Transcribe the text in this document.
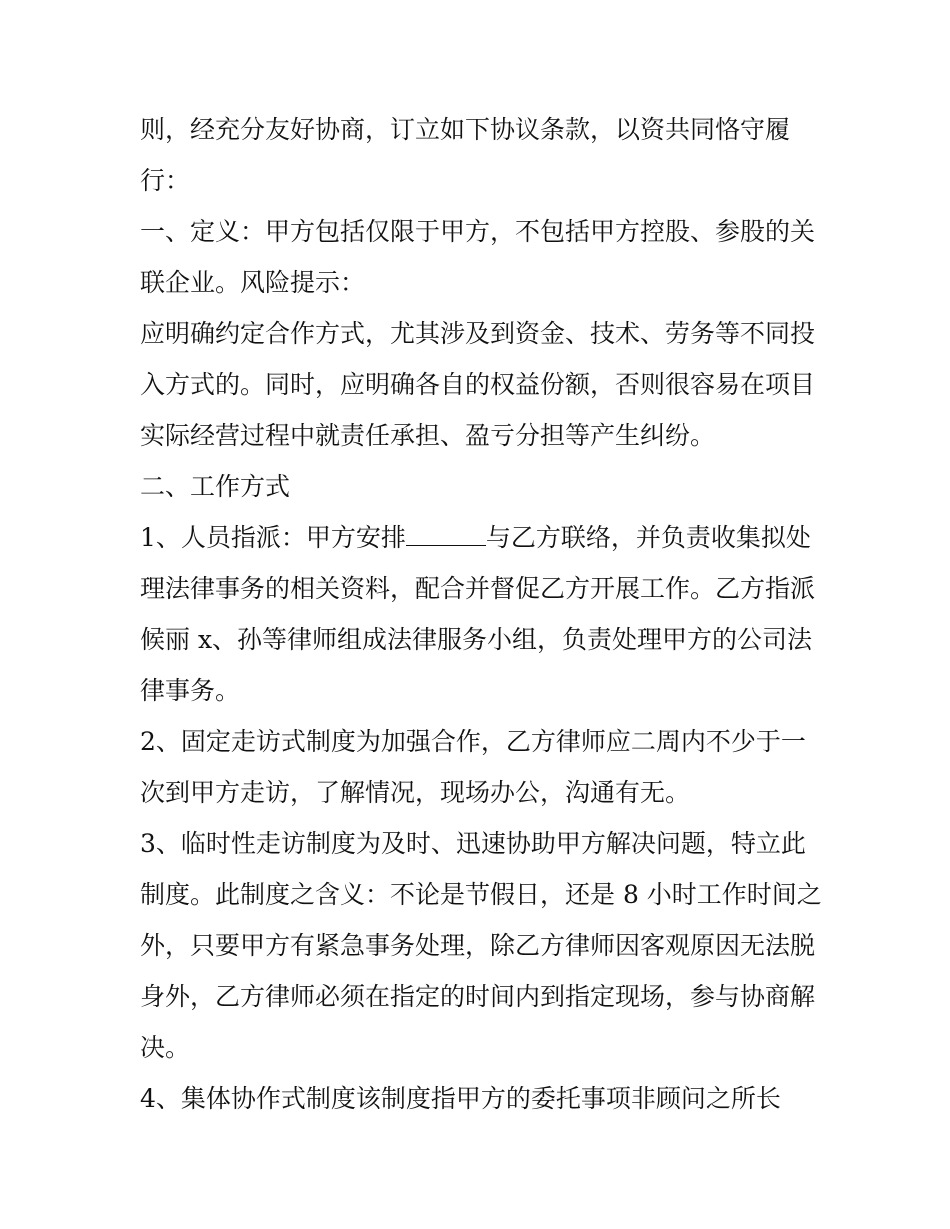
则，经充分友好协商，订立如下协议条款，以资共同恪守履
行：
一、定义：甲方包括仅限于甲方，不包括甲方控股、参股的关
联企业。风险提示：
应明确约定合作方式，尤其涉及到资金、技术、劳务等不同投
入方式的。同时，应明确各自的权益份额，否则很容易在项目
实际经营过程中就责任承担、盈亏分担等产生纠纷。
二、工作方式
1、人员指派：甲方安排	与乙方联络，并负责收集拟处
理法律事务的相关资料，配合并督促乙方开展工作。乙方指派
候丽 x、孙等律师组成法律服务小组，负责处理甲方的公司法
律事务。
2、固定走访式制度为加强合作，乙方律师应二周内不少于一
次到甲方走访，了解情况，现场办公，沟通有无。
3、临时性走访制度为及时、迅速协助甲方解决问题，特立此
制度。此制度之含义：不论是节假日，还是 8 小时工作时间之
外，只要甲方有紧急事务处理，除乙方律师因客观原因无法脱
身外，乙方律师必须在指定的时间内到指定现场，参与协商解
决。
4、集体协作式制度该制度指甲方的委托事项非顾问之所长
